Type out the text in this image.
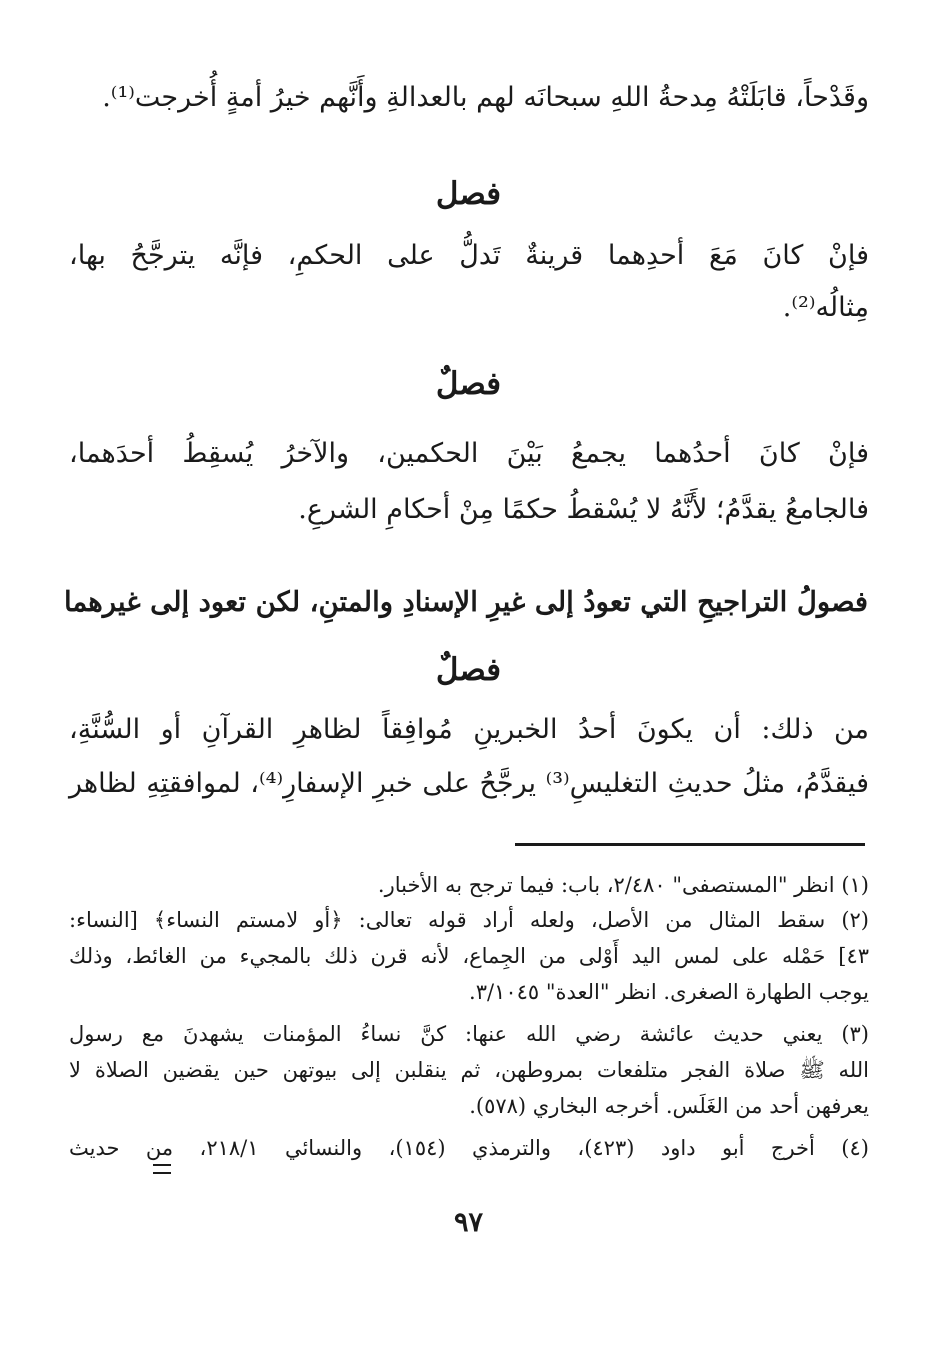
وقَدْحاً، قابَلَتْهُ مِدحةُ اللهِ سبحانَه لهم بالعدالةِ وأَنَّهم خيرُ أمةٍ أُخرجت⁽¹⁾.
فصل
فإنْ كانَ مَعَ أحدِهما قرينةٌ تَدلُّ على الحكمِ، فإنَّه يترجَّحُ بها،
مِثالُه⁽²⁾.
فصلٌ
فإنْ كانَ أحدُهما يجمعُ بَيْنَ الحكمين، والآخرُ يُسقِطُ أحدَهما،
فالجامعُ يقدَّمُ؛ لأَنَّهُ لا يُسْقطُ حكمًا مِنْ أحكامِ الشرعِ.
فصولُ التراجيحِ التي تعودُ إلى غيرِ الإسنادِ والمتنِ، لكن تعود إلى غيرهما
فصلٌ
من ذلك: أن يكونَ أحدُ الخبرينِ مُوافِقاً لظاهرِ القرآنِ أو السُّنَّةِ،
فيقدَّمُ، مثلُ حديثِ التغليسِ⁽³⁾ يرجَّحُ على خبرِ الإسفارِ⁽⁴⁾، لموافقتِهِ لظاهر
(١) انظر "المستصفى" ٢/٤٨٠، باب: فيما ترجح به الأخبار.
(٢) سقط المثال من الأصل، ولعله أراد قوله تعالى: ﴿أو لامستم النساء﴾ [النساء:
٤٣] حَمْله على لمس اليد أَوْلى من الجِماع، لأنه قرن ذلك بالمجيء من الغائط، وذلك
يوجب الطهارة الصغرى. انظر "العدة" ٣/١٠٤٥.
(٣) يعني حديث عائشة رضي الله عنها: كنَّ نساءُ المؤمنات يشهدنَ مع رسول
الله ﷺ صلاة الفجر متلفعات بمروطهن، ثم ينقلبن إلى بيوتهن حين يقضين الصلاة لا
يعرفهن أحد من الغَلَس. أخرجه البخاري (٥٧٨).
(٤) أخرج أبو داود (٤٢٣)، والترمذي (١٥٤)، والنسائي ٢١٨/١، من حديث
٩٧
